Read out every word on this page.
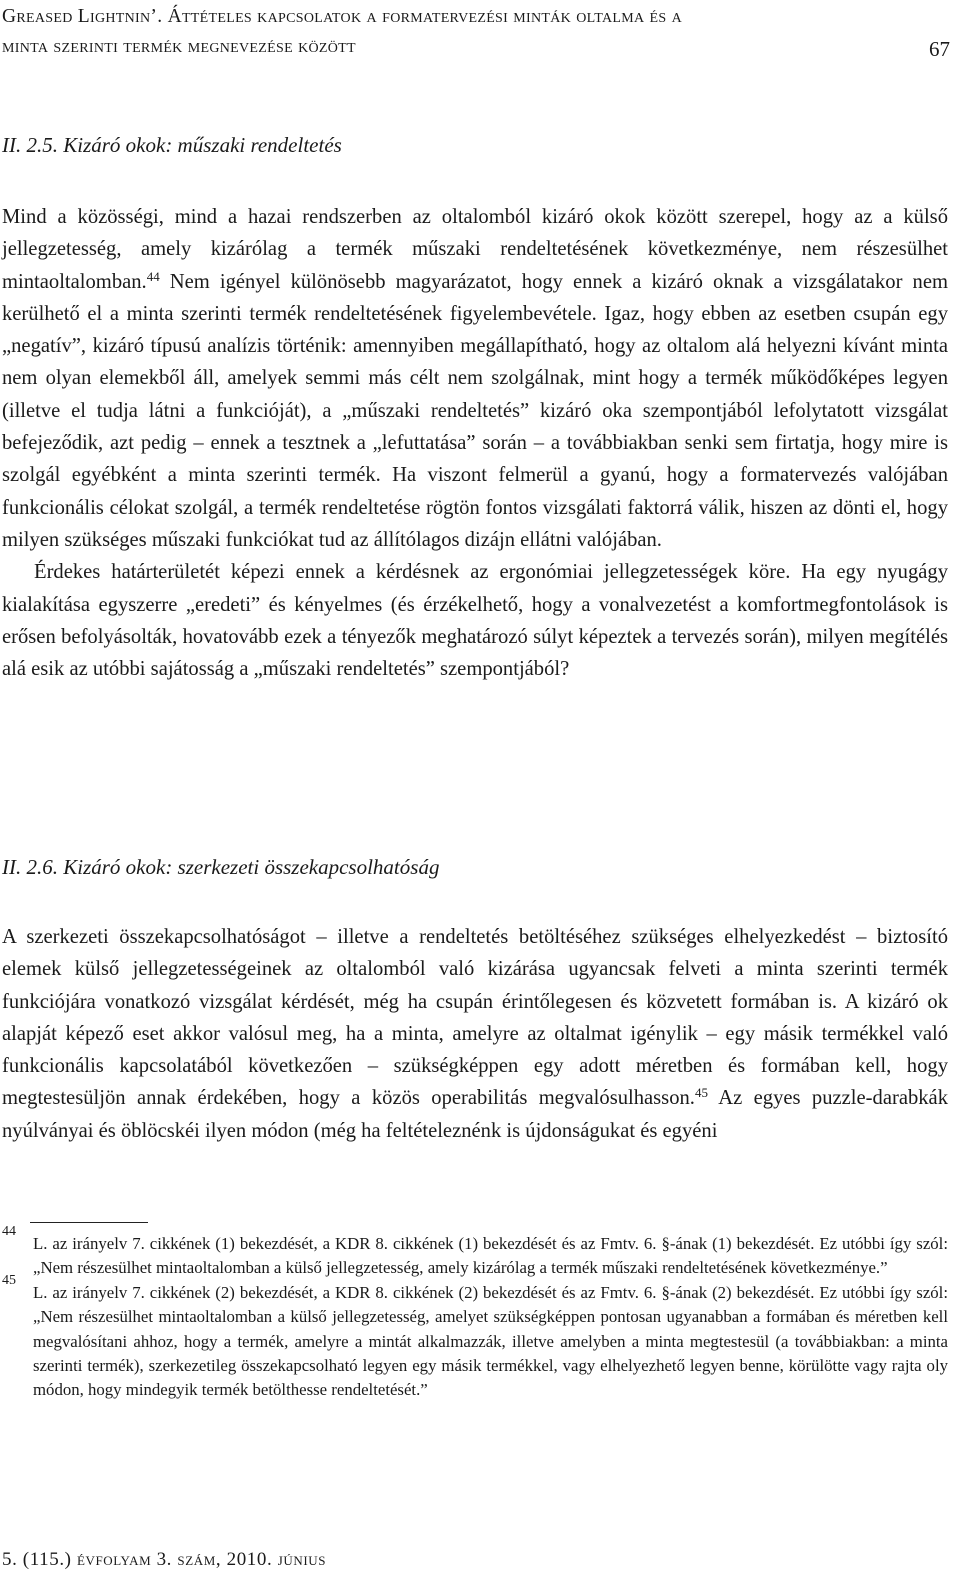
Greased Lightnin’. Áttételes kapcsolatok a formatervezési minták oltalma és a
minta szerinti termék megnevezése között	67
II. 2.5. Kizáró okok: műszaki rendeltetés

Mind a közösségi, mind a hazai rendszerben az oltalomból kizáró okok között szerepel, hogy az a külső jellegzetesség, amely kizárólag a termék műszaki rendeltetésének következménye, nem részesülhet mintaoltalomban.$^{44}$ Nem igényel különösebb magyarázatot, hogy ennek a kizáró oknak a vizsgálatakor nem kerülhető el a minta szerinti termék rendeltetésének figyelembevétele. Igaz, hogy ebben az esetben csupán egy „negatív”, kizáró típusú analízis történik: amennyiben megállapítható, hogy az oltalom alá helyezni kívánt minta nem olyan elemekből áll, amelyek semmi más célt nem szolgálnak, mint hogy a termék működőképes legyen (illetve el tudja látni a funkcióját), a „műszaki rendeltetés” kizáró oka szempontjából lefolytatott vizsgálat befejeződik, azt pedig – ennek a tesztnek a „lefuttatása” során – a továbbiakban senki sem firtatja, hogy mire is szolgál egyébként a minta szerinti termék. Ha viszont felmerül a gyanú, hogy a formatervezés valójában funkcionális célokat szolgál, a termék rendeltetése rögtön fontos vizsgálati faktorrá válik, hiszen az dönti el, hogy milyen szükséges műszaki funkciókat tud az állítólagos dizájn ellátni valójában.

Érdekes határterületét képezi ennek a kérdésnek az ergonómiai jellegzetességek köre. Ha egy nyugágy kialakítása egyszerre „eredeti” és kényelmes (és érzékelhető, hogy a vonalvezetést a komfortmegfontolások is erősen befolyásolták, hovatovább ezek a tényezők meghatározó súlyt képeztek a tervezés során), milyen megítélés alá esik az utóbbi sajátosság a „műszaki rendeltetés” szempontjából?

II. 2.6. Kizáró okok: szerkezeti összekapcsolhatóság

A szerkezeti összekapcsolhatóságot – illetve a rendeltetés betöltéséhez szükséges elhelyezkedést – biztosító elemek külső jellegzetességeinek az oltalomból való kizárása ugyancsak felveti a minta szerinti termék funkciójára vonatkozó vizsgálat kérdését, még ha csupán érintőlegesen és közvetett formában is. A kizáró ok alapját képező eset akkor valósul meg, ha a minta, amelyre az oltalmat igénylik – egy másik termékkel való funkcionális kapcsolatából következően – szükségképpen egy adott méretben és formában kell, hogy megtestesüljön annak érdekében, hogy a közös operabilitás megvalósulhasson.$^{45}$ Az egyes puzzle-darabkák nyúlványai és öblöcskéi ilyen módon (még ha feltételeznénk is újdonságukat és egyéni

44
L. az irányelv 7. cikkének (1) bekezdését, a KDR 8. cikkének (1) bekezdését és az Fmtv. 6. §-ának (1) bekezdését. Ez utóbbi így szól: „Nem részesülhet mintaoltalomban a külső jellegzetesség, amely kizárólag a termék műszaki rendeltetésének következménye.”
45
L. az irányelv 7. cikkének (2) bekezdését, a KDR 8. cikkének (2) bekezdését és az Fmtv. 6. §-ának (2) bekezdését. Ez utóbbi így szól: „Nem részesülhet mintaoltalomban a külső jellegzetesség, amelyet szükségképpen pontosan ugyanabban a formában és méretben kell megvalósítani ahhoz, hogy a termék, amelyre a mintát alkalmazzák, illetve amelyben a minta megtestesül (a továbbiakban: a minta szerinti termék), szerkezetileg összekapcsolható legyen egy másik termékkel, vagy elhelyezhető legyen benne, körülötte vagy rajta oly módon, hogy mindegyik termék betölthesse rendeltetését.”
5. (115.) évfolyam 3. szám, 2010. június
